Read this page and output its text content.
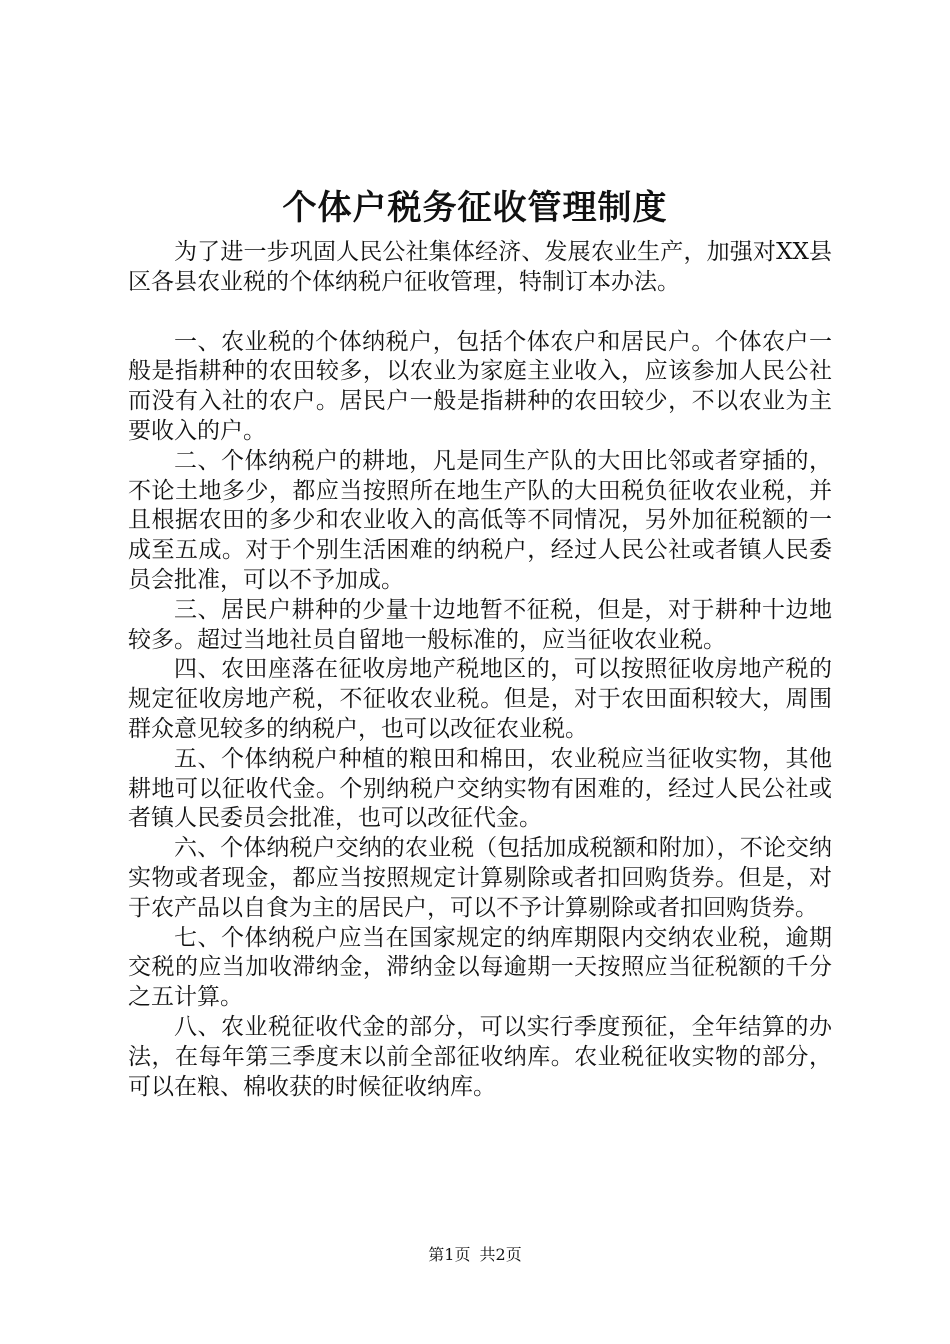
个体户税务征收管理制度

为了进一步巩固人民公社集体经济、发展农业生产，加强对XX县区各县农业税的个体纳税户征收管理，特制订本办法。

一、农业税的个体纳税户，包括个体农户和居民户。个体农户一般是指耕种的农田较多，以农业为家庭主业收入，应该参加人民公社而没有入社的农户。居民户一般是指耕种的农田较少，不以农业为主要收入的户。

二、个体纳税户的耕地，凡是同生产队的大田比邻或者穿插的，不论土地多少，都应当按照所在地生产队的大田税负征收农业税，并且根据农田的多少和农业收入的高低等不同情况，另外加征税额的一成至五成。对于个别生活困难的纳税户，经过人民公社或者镇人民委员会批准，可以不予加成。

三、居民户耕种的少量十边地暂不征税，但是，对于耕种十边地较多。超过当地社员自留地一般标准的，应当征收农业税。

四、农田座落在征收房地产税地区的，可以按照征收房地产税的规定征收房地产税，不征收农业税。但是，对于农田面积较大，周围群众意见较多的纳税户，也可以改征农业税。

五、个体纳税户种植的粮田和棉田，农业税应当征收实物，其他耕地可以征收代金。个别纳税户交纳实物有困难的，经过人民公社或者镇人民委员会批准，也可以改征代金。

六、个体纳税户交纳的农业税（包括加成税额和附加），不论交纳实物或者现金，都应当按照规定计算剔除或者扣回购货券。但是，对于农产品以自食为主的居民户，可以不予计算剔除或者扣回购货券。

七、个体纳税户应当在国家规定的纳库期限内交纳农业税，逾期交税的应当加收滞纳金，滞纳金以每逾期一天按照应当征税额的千分之五计算。

八、农业税征收代金的部分，可以实行季度预征，全年结算的办法，在每年第三季度末以前全部征收纳库。农业税征收实物的部分，可以在粮、棉收获的时候征收纳库。

第1页 共2页
